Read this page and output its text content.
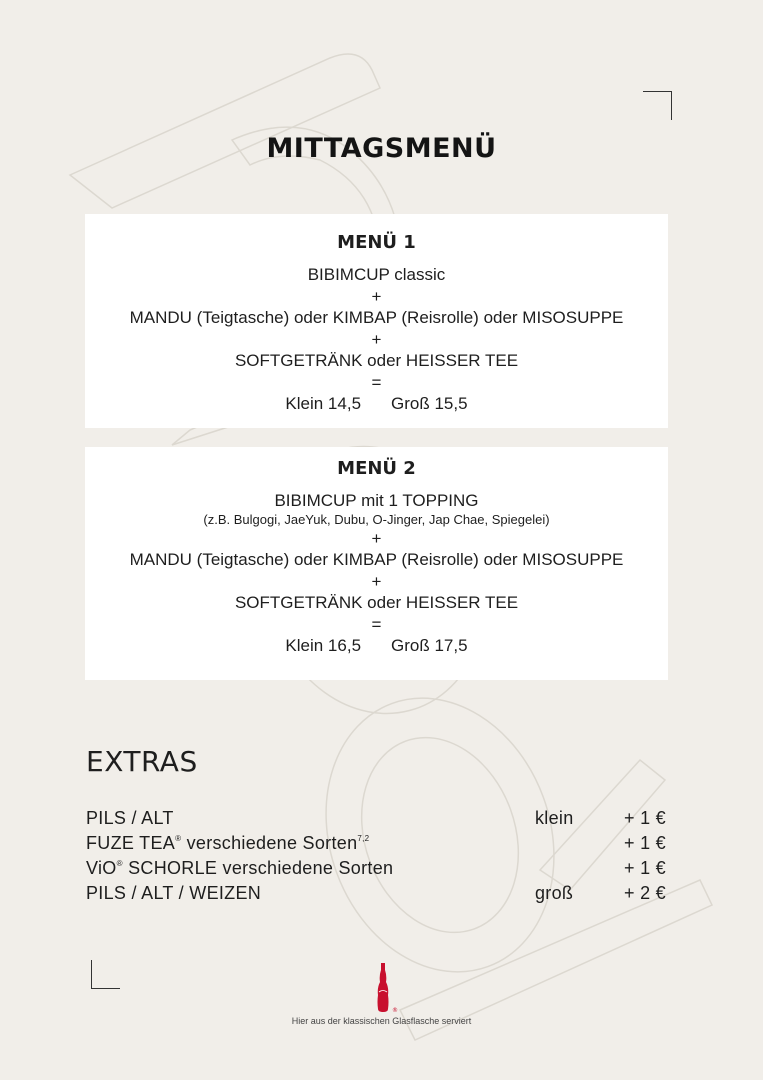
MITTAGSMENÜ
MENÜ 1
BIBIMCUP classic
+
MANDU (Teigtasche) oder KIMBAP (Reisrolle) oder MISOSUPPE
+
SOFTGETRÄNK oder HEISSER TEE
=
Klein 14,5 Groß 15,5
MENÜ 2
BIBIMCUP mit 1 TOPPING
(z.B. Bulgogi, JaeYuk, Dubu, O-Jinger, Jap Chae, Spiegelei)
+
MANDU (Teigtasche) oder KIMBAP (Reisrolle) oder MISOSUPPE
+
SOFTGETRÄNK oder HEISSER TEE
=
Klein 16,5 Groß 17,5
EXTRAS
PILS / ALT	klein	+ 1 €
FUZE TEA® verschiedene Sorten$^{7,2}$	+ 1 €
ViO® SCHORLE verschiedene Sorten	+ 1 €
PILS / ALT / WEIZEN	groß	+ 2 €
®
Hier aus der klassischen Glasflasche serviert
